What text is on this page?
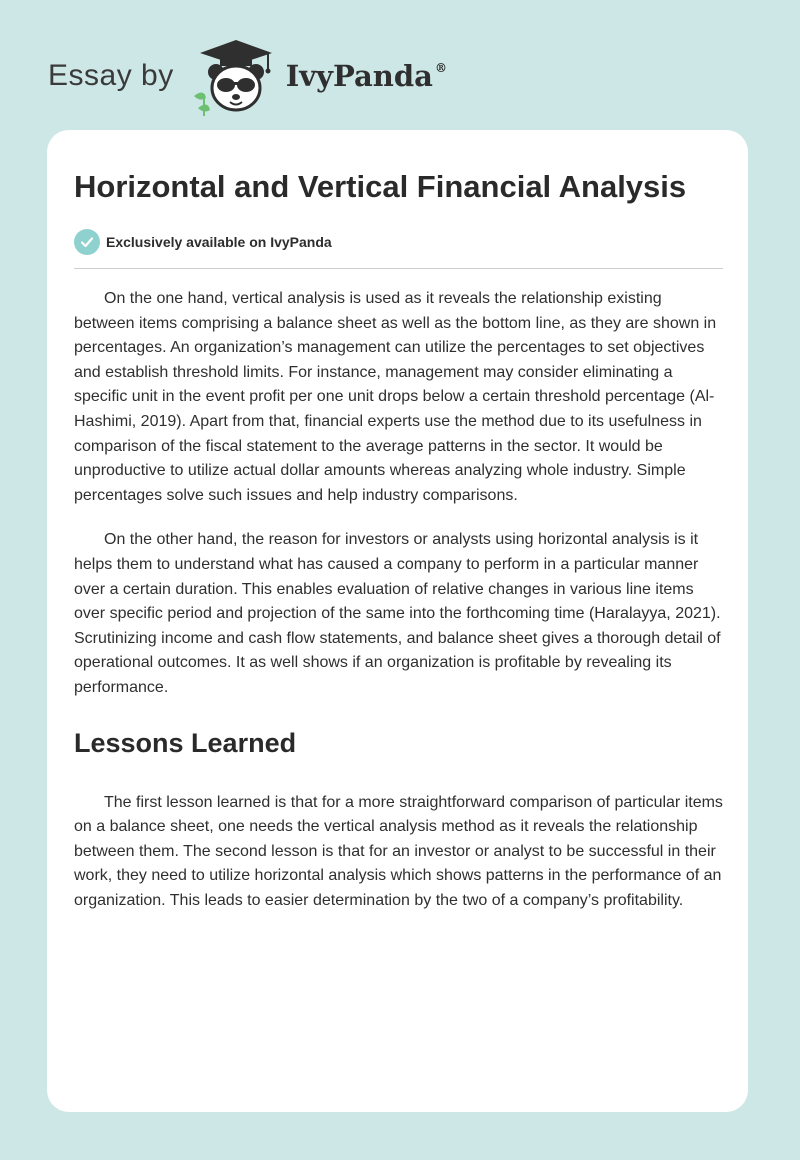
Essay by	IvyPanda®
Horizontal and Vertical Financial Analysis
Exclusively available on IvyPanda

On the one hand, vertical analysis is used as it reveals the relationship existing between items comprising a balance sheet as well as the bottom line, as they are shown in percentages. An organization’s management can utilize the percentages to set objectives and establish threshold limits. For instance, management may consider eliminating a specific unit in the event profit per one unit drops below a certain threshold percentage (Al-Hashimi, 2019). Apart from that, financial experts use the method due to its usefulness in comparison of the fiscal statement to the average patterns in the sector. It would be unproductive to utilize actual dollar amounts whereas analyzing whole industry. Simple percentages solve such issues and help industry comparisons.

On the other hand, the reason for investors or analysts using horizontal analysis is it helps them to understand what has caused a company to perform in a particular manner over a certain duration. This enables evaluation of relative changes in various line items over specific period and projection of the same into the forthcoming time (Haralayya, 2021). Scrutinizing income and cash flow statements, and balance sheet gives a thorough detail of operational outcomes. It as well shows if an organization is profitable by revealing its performance.

Lessons Learned

The first lesson learned is that for a more straightforward comparison of particular items on a balance sheet, one needs the vertical analysis method as it reveals the relationship between them. The second lesson is that for an investor or analyst to be successful in their work, they need to utilize horizontal analysis which shows patterns in the performance of an organization. This leads to easier determination by the two of a company’s profitability.
